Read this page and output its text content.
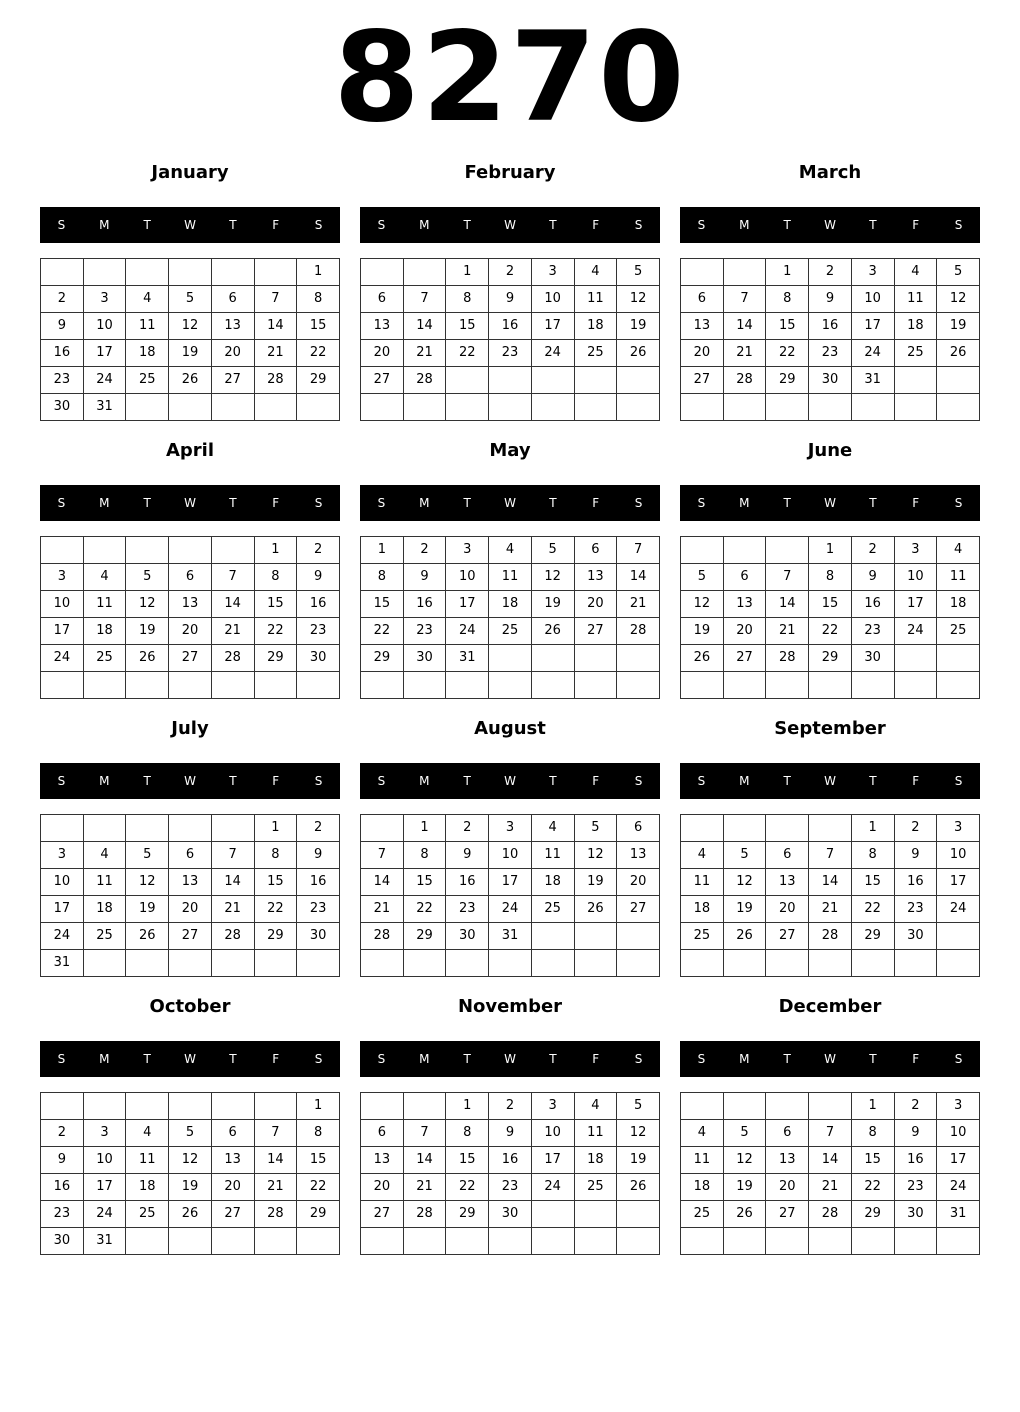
8270
January
S	M	T	W	T	F	S
						1
2	3	4	5	6	7	8
9	10	11	12	13	14	15
16	17	18	19	20	21	22
23	24	25	26	27	28	29
30	31					
February
S	M	T	W	T	F	S
		1	2	3	4	5
6	7	8	9	10	11	12
13	14	15	16	17	18	19
20	21	22	23	24	25	26
27	28					

March
S	M	T	W	T	F	S
		1	2	3	4	5
6	7	8	9	10	11	12
13	14	15	16	17	18	19
20	21	22	23	24	25	26
27	28	29	30	31		

April
S	M	T	W	T	F	S
					1	2
3	4	5	6	7	8	9
10	11	12	13	14	15	16
17	18	19	20	21	22	23
24	25	26	27	28	29	30

May
S	M	T	W	T	F	S
1	2	3	4	5	6	7
8	9	10	11	12	13	14
15	16	17	18	19	20	21
22	23	24	25	26	27	28
29	30	31				

June
S	M	T	W	T	F	S
			1	2	3	4
5	6	7	8	9	10	11
12	13	14	15	16	17	18
19	20	21	22	23	24	25
26	27	28	29	30		

July
S	M	T	W	T	F	S
					1	2
3	4	5	6	7	8	9
10	11	12	13	14	15	16
17	18	19	20	21	22	23
24	25	26	27	28	29	30
31						
August
S	M	T	W	T	F	S
	1	2	3	4	5	6
7	8	9	10	11	12	13
14	15	16	17	18	19	20
21	22	23	24	25	26	27
28	29	30	31			

September
S	M	T	W	T	F	S
				1	2	3
4	5	6	7	8	9	10
11	12	13	14	15	16	17
18	19	20	21	22	23	24
25	26	27	28	29	30	

October
S	M	T	W	T	F	S
						1
2	3	4	5	6	7	8
9	10	11	12	13	14	15
16	17	18	19	20	21	22
23	24	25	26	27	28	29
30	31					
November
S	M	T	W	T	F	S
		1	2	3	4	5
6	7	8	9	10	11	12
13	14	15	16	17	18	19
20	21	22	23	24	25	26
27	28	29	30			

December
S	M	T	W	T	F	S
				1	2	3
4	5	6	7	8	9	10
11	12	13	14	15	16	17
18	19	20	21	22	23	24
25	26	27	28	29	30	31
